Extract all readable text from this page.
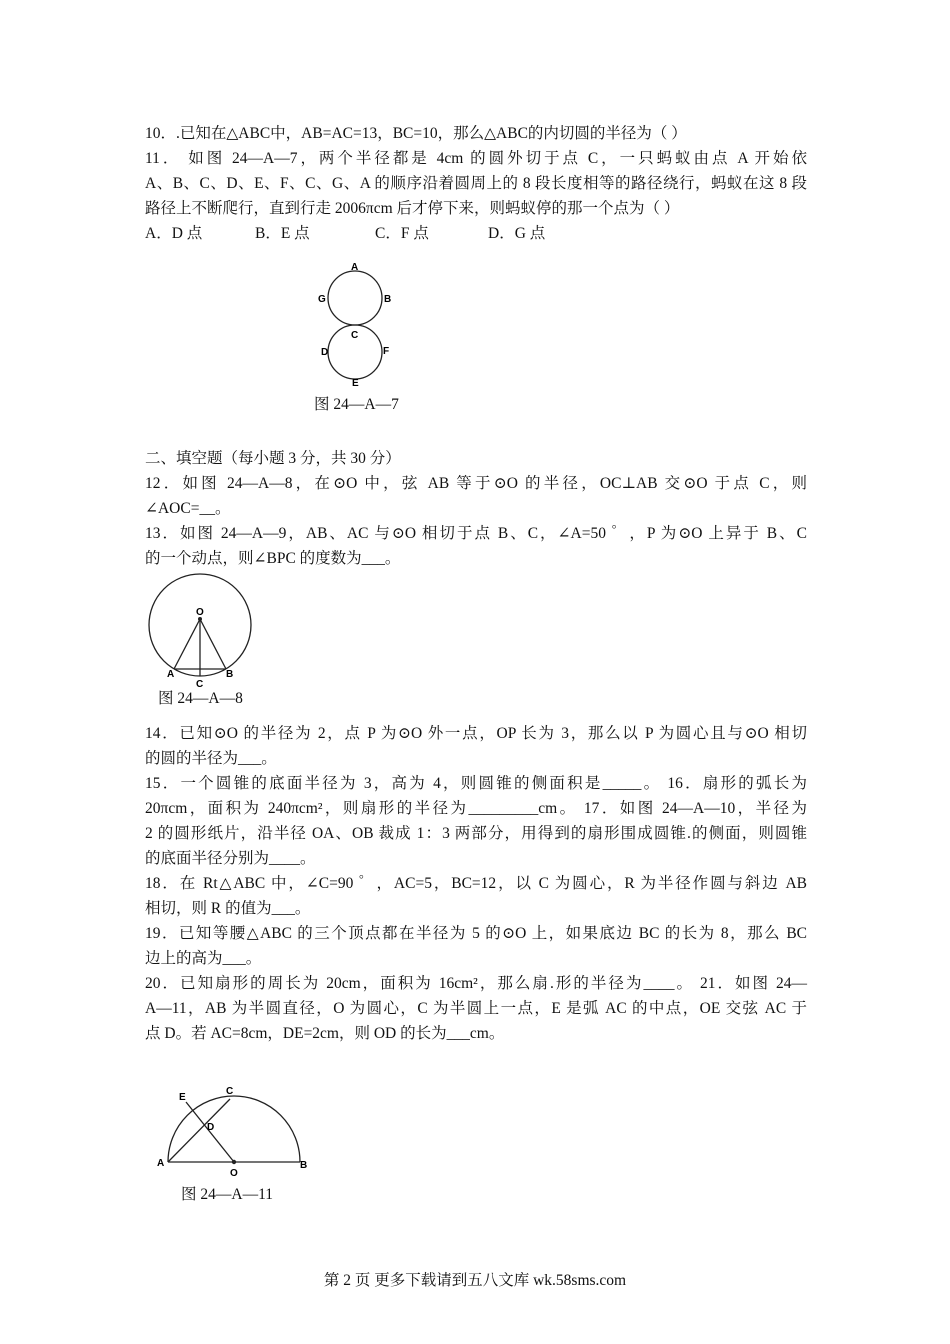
10．.已知在△ABC中，AB=AC=13，BC=10，那么△ABC的内切圆的半径为（ ）
11． 如图 24—A—7，两个半径都是 4cm 的圆外切于点 C，一只蚂蚁由点 A 开始依
A、B、C、D、E、F、C、G、A 的顺序沿着圆周上的 8 段长度相等的路径绕行，蚂蚁在这 8 段
路径上不断爬行，直到行走 2006πcm 后才停下来，则蚂蚁停的那一个点为（ ）
A．D 点	B．E 点	C．F 点	D．G 点
A
G	B
C
D	F
E
图 24—A—7
二、填空题（每小题 3 分，共 30 分）
12．如图 24—A—8，在⊙O 中，弦 AB 等于⊙O 的半径，OC⊥AB 交⊙O 于点 C，则
∠AOC=__。
13．如图 24—A—9，AB、AC 与⊙O 相切于点 B、C，∠A=50 ゜，P 为⊙O 上异于 B、C
的一个动点，则∠BPC 的度数为___。
O
A	B
C
图 24—A—8
14．已知⊙O 的半径为 2，点 P 为⊙O 外一点，OP 长为 3，那么以 P 为圆心且与⊙O 相切
的圆的半径为___。
15．一个圆锥的底面半径为 3，高为 4，则圆锥的侧面积是_____。 16．扇形的弧长为
20πcm，面积为 240πcm²，则扇形的半径为_________cm。 17．如图 24—A—10，半径为
2 的圆形纸片，沿半径 OA、OB 裁成 1：3 两部分，用得到的扇形围成圆锥.的侧面，则圆锥
的底面半径分别为____。
18．在 Rt△ABC 中，∠C=90 ゜，AC=5，BC=12，以 C 为圆心，R 为半径作圆与斜边 AB
相切，则 R 的值为___。
19．已知等腰△ABC 的三个顶点都在半径为 5 的⊙O 上，如果底边 BC 的长为 8，那么 BC
边上的高为___。
20．已知扇形的周长为 20cm，面积为 16cm²，那么扇.形的半径为____。 21．如图 24—
A—11，AB 为半圆直径，O 为圆心，C 为半圆上一点，E 是弧 AC 的中点，OE 交弦 AC 于
点 D。若 AC=8cm，DE=2cm，则 OD 的长为___cm。
C
E
D
A
O
B
图 24—A—11
第 2 页 更多下载请到五八文库 wk.58sms.com
